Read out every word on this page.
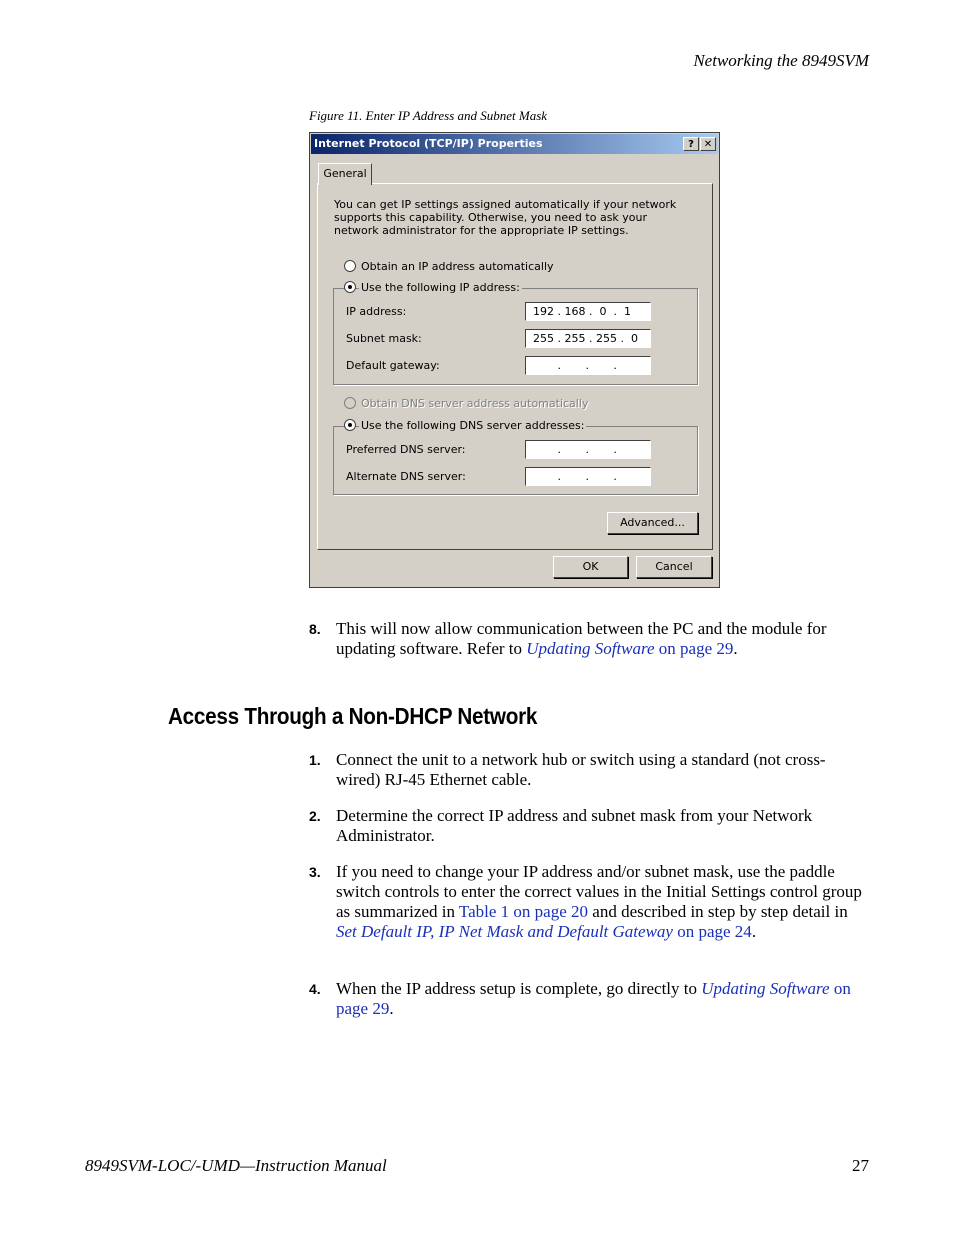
Networking the 8949SVM
Figure 11. Enter IP Address and Subnet Mask
Internet Protocol (TCP/IP) Properties	? ✕
General
You can get IP settings assigned automatically if your network supports this capability. Otherwise, you need to ask your network administrator for the appropriate IP settings.
Obtain an IP address automatically
Use the following IP address:
IP address:	192 . 168 .  0  .  1
Subnet mask:	255 . 255 . 255 .  0
Default gateway:	.       .       .
Obtain DNS server address automatically
Use the following DNS server addresses:
Preferred DNS server:	.       .       .
Alternate DNS server:	.       .       .
Advanced...
OK	Cancel
8. This will now allow communication between the PC and the module for updating software. Refer to Updating Software on page 29.
Access Through a Non-DHCP Network
1. Connect the unit to a network hub or switch using a standard (not cross-wired) RJ-45 Ethernet cable.
2. Determine the correct IP address and subnet mask from your Network Administrator.
3. If you need to change your IP address and/or subnet mask, use the paddle switch controls to enter the correct values in the Initial Settings control group as summarized in Table 1 on page 20 and described in step by step detail in Set Default IP, IP Net Mask and Default Gateway on page 24.
4. When the IP address setup is complete, go directly to Updating Software on page 29.
8949SVM-LOC/-UMD—Instruction Manual	27
